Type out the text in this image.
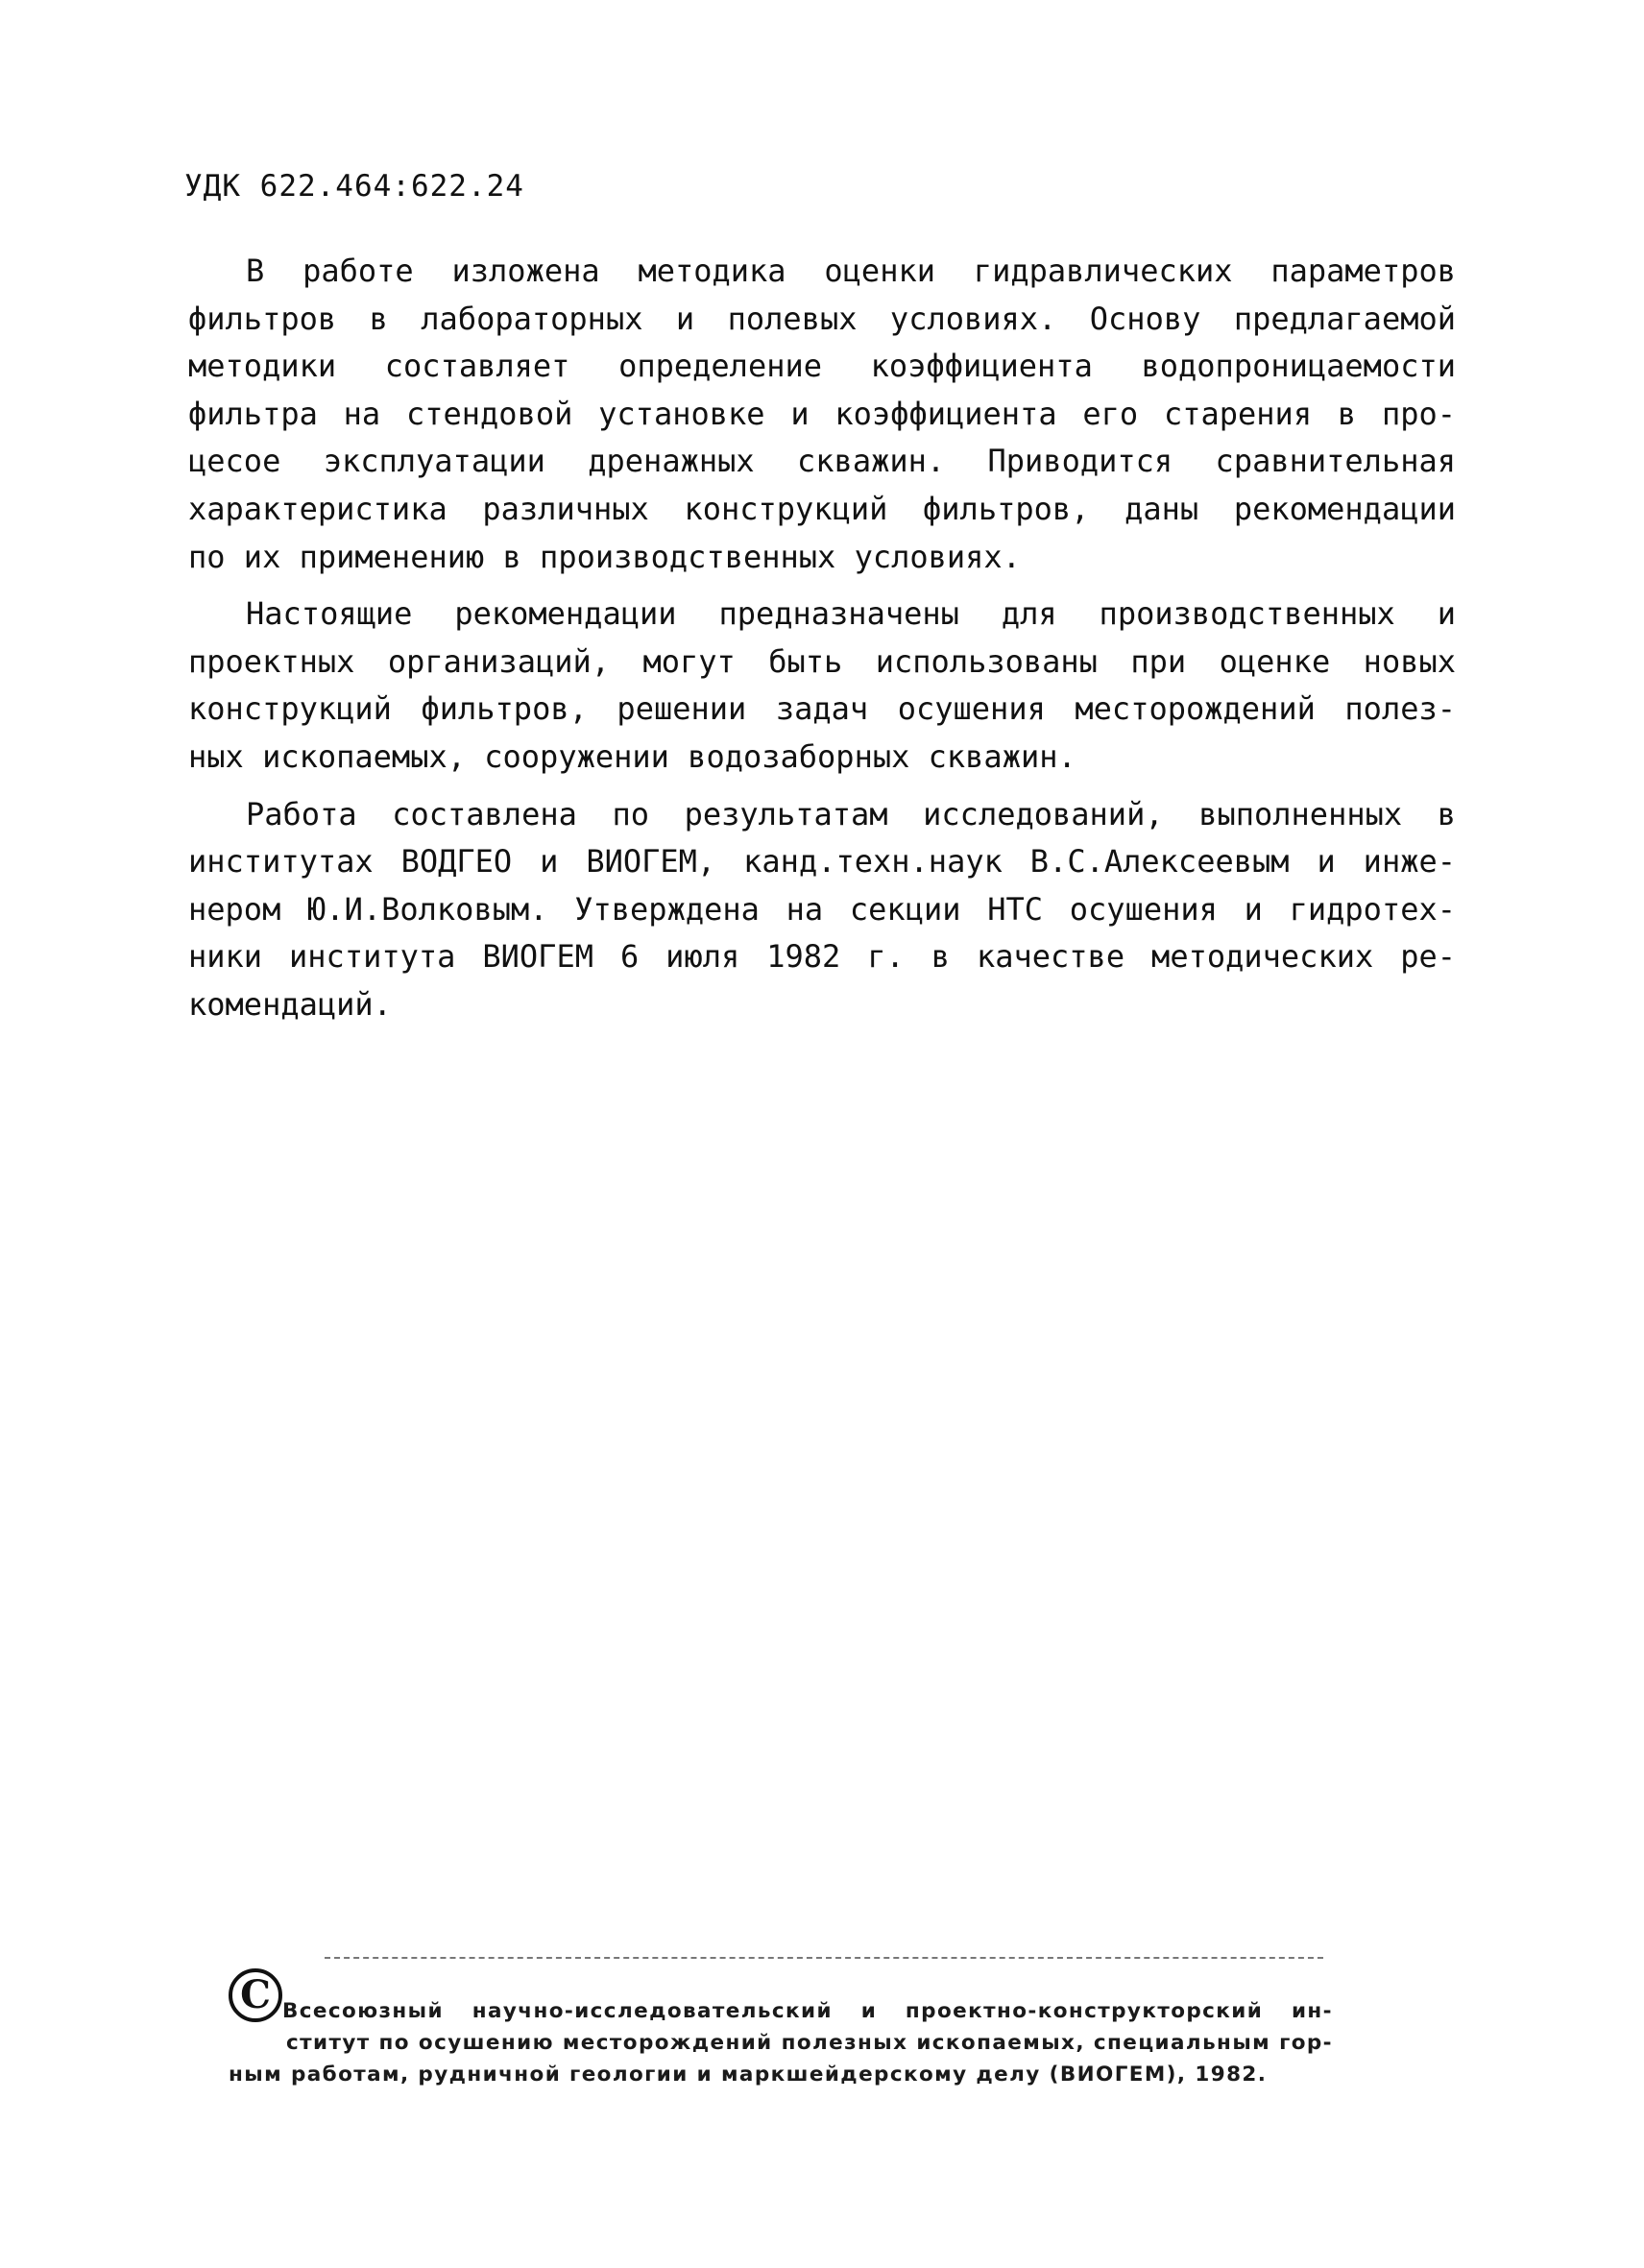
УДК 622.464:622.24
В работе изложена методика оценки гидравлических параметров
фильтров в лабораторных и полевых условиях. Основу предлагаемой
методики составляет определение коэффициента водопроницаемости
фильтра на стендовой установке и коэффициента его старения в про-
цесое эксплуатации дренажных скважин. Приводится сравнительная
характеристика различных конструкций фильтров, даны рекомендации
по их применению в производственных условиях.
Настоящие рекомендации предназначены для производственных и
проектных организаций, могут быть использованы при оценке новых
конструкций фильтров, решении задач осушения месторождений полез-
ных ископаемых, сооружении водозаборных скважин.
Работа составлена по результатам исследований, выполненных в
институтах ВОДГЕО и ВИОГЕМ, канд.техн.наук В.С.Алексеевым и инже-
нером Ю.И.Волковым. Утверждена на секции НТС осушения и гидротех-
ники института ВИОГЕМ 6 июля 1982 г. в качестве методических ре-
комендаций.
C Всесоюзный научно-исследовательский и проектно-конструкторский ин-
ститут по осушению месторождений полезных ископаемых, специальным гор-
ным работам, рудничной геологии и маркшейдерскому делу (ВИОГЕМ), 1982.
